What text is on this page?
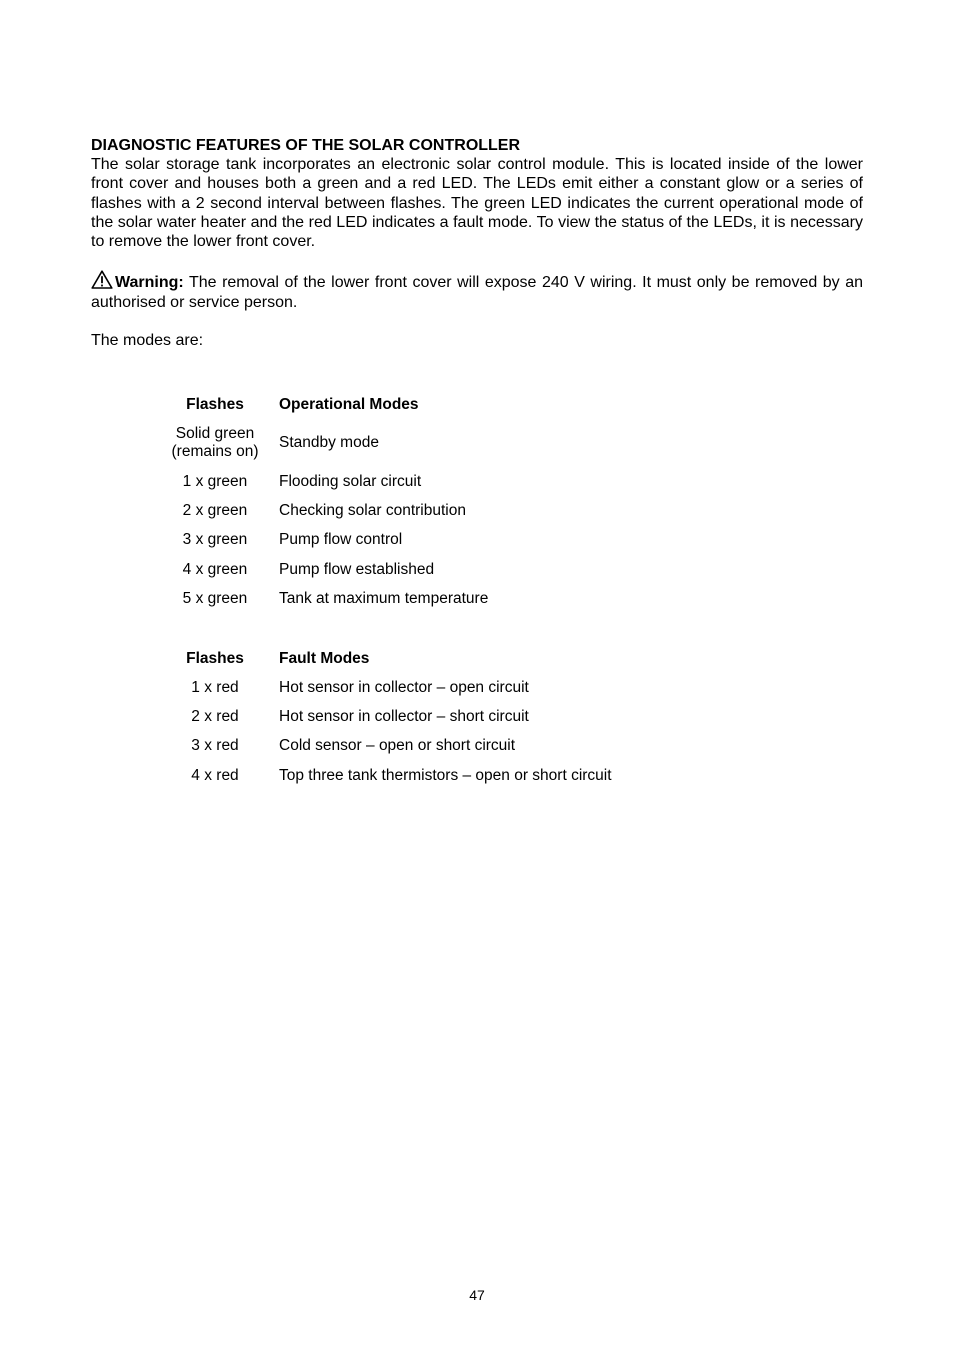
DIAGNOSTIC FEATURES OF THE SOLAR CONTROLLER

The solar storage tank incorporates an electronic solar control module. This is located inside of the lower front cover and houses both a green and a red LED. The LEDs emit either a constant glow or a series of flashes with a 2 second interval between flashes. The green LED indicates the current operational mode of the solar water heater and the red LED indicates a fault mode. To view the status of the LEDs, it is necessary to remove the lower front cover.

Warning: The removal of the lower front cover will expose 240 V wiring. It must only be removed by an authorised or service person.

The modes are:

Flashes	Operational Modes
Solid green
(remains on)	Standby mode
1 x green	Flooding solar circuit
2 x green	Checking solar contribution
3 x green	Pump flow control
4 x green	Pump flow established
5 x green	Tank at maximum temperature
Flashes	Fault Modes
1 x red	Hot sensor in collector – open circuit
2 x red	Hot sensor in collector – short circuit
3 x red	Cold sensor – open or short circuit
4 x red	Top three tank thermistors – open or short circuit
47
